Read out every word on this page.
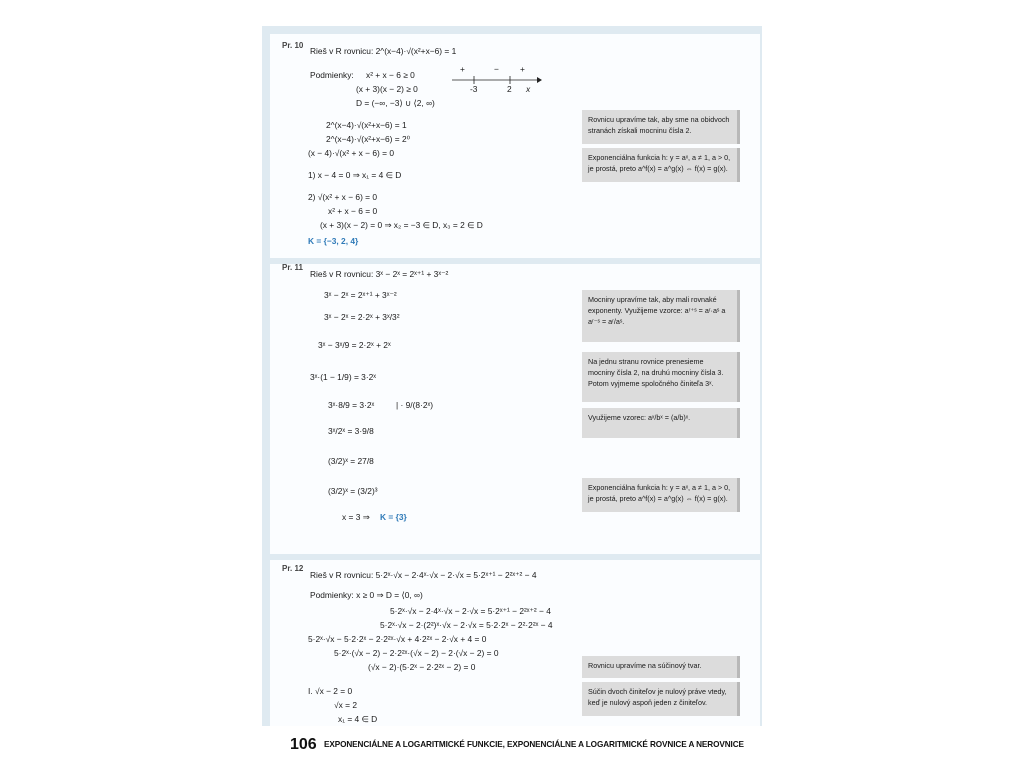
Pr. 10
Rieš v R rovnicu: 2^(x−4)·√(x²+x−6) = 1
Podmienky: x² + x − 6 ≥ 0
(x + 3)(x − 2) ≥ 0
D = (−∞, −3⟩ ∪ ⟨2, ∞)
+	−	+
-3	2 x
2^(x−4)·√(x²+x−6) = 1
2^(x−4)·√(x²+x−6) = 2⁰
(x − 4)·√(x² + x − 6) = 0
1) x − 4 = 0 ⇒ x₁ = 4 ∈ D
2) √(x² + x − 6) = 0
x² + x − 6 = 0
(x + 3)(x − 2) = 0 ⇒ x₂ = −3 ∈ D, x₃ = 2 ∈ D
K = {−3, 2, 4}
Rovnicu upravíme tak, aby sme na obidvoch stranách získali mocninu čísla 2.
Exponenciálna funkcia h: y = aˣ, a ≠ 1, a > 0, je prostá, preto a^f(x) = a^g(x) ⇔ f(x) = g(x).
Pr. 11
Rieš v R rovnicu: 3ˣ − 2ˣ = 2ˣ⁺¹ + 3ˣ⁻²
3ˣ − 2ˣ = 2ˣ⁺¹ + 3ˣ⁻²
3ˣ − 2ˣ = 2·2ˣ + 3ˣ/3²
3ˣ − 3ˣ/9 = 2·2ˣ + 2ˣ
3ˣ·(1 − 1/9) = 3·2ˣ
3ˣ·8/9 = 3·2ˣ	| · 9/(8·2ˣ)
3ˣ/2ˣ = 3·9/8
(3/2)ˣ = 27/8
(3/2)ˣ = (3/2)³
x = 3 ⇒ K = {3}
Mocniny upravíme tak, aby mali rovnaké exponenty. Využijeme vzorce: aʳ⁺ˢ = aʳ·aˢ a aʳ⁻ˢ = aʳ/aˢ.
Na jednu stranu rovnice prenesieme mocniny čísla 2, na druhú mocniny čísla 3. Potom vyjmeme spoločného činiteľa 3ˣ.
Využijeme vzorec: aˣ/bˣ = (a/b)ˣ.
Exponenciálna funkcia h: y = aˣ, a ≠ 1, a > 0, je prostá, preto a^f(x) = a^g(x) ⇔ f(x) = g(x).
Pr. 12
Rieš v R rovnicu: 5·2ˣ·√x − 2·4ˣ·√x − 2·√x = 5·2ˣ⁺¹ − 2²ˣ⁺² − 4
Podmienky: x ≥ 0 ⇒ D = ⟨0, ∞)
5·2ˣ·√x − 2·4ˣ·√x − 2·√x = 5·2ˣ⁺¹ − 2²ˣ⁺² − 4
5·2ˣ·√x − 2·(2²)ˣ·√x − 2·√x = 5·2·2ˣ − 2²·2²ˣ − 4
5·2ˣ·√x − 5·2·2ˣ − 2·2²ˣ·√x + 4·2²ˣ − 2·√x + 4 = 0
5·2ˣ·(√x − 2) − 2·2²ˣ·(√x − 2) − 2·(√x − 2) = 0
(√x − 2)·(5·2ˣ − 2·2²ˣ − 2) = 0
I. √x − 2 = 0
√x = 2
x₁ = 4 ∈ D
Rovnicu upravíme na súčinový tvar.
Súčin dvoch činiteľov je nulový práve vtedy, keď je nulový aspoň jeden z činiteľov.
106 EXPONENCIÁLNE A LOGARITMICKÉ FUNKCIE, EXPONENCIÁLNE A LOGARITMICKÉ ROVNICE A NEROVNICE
